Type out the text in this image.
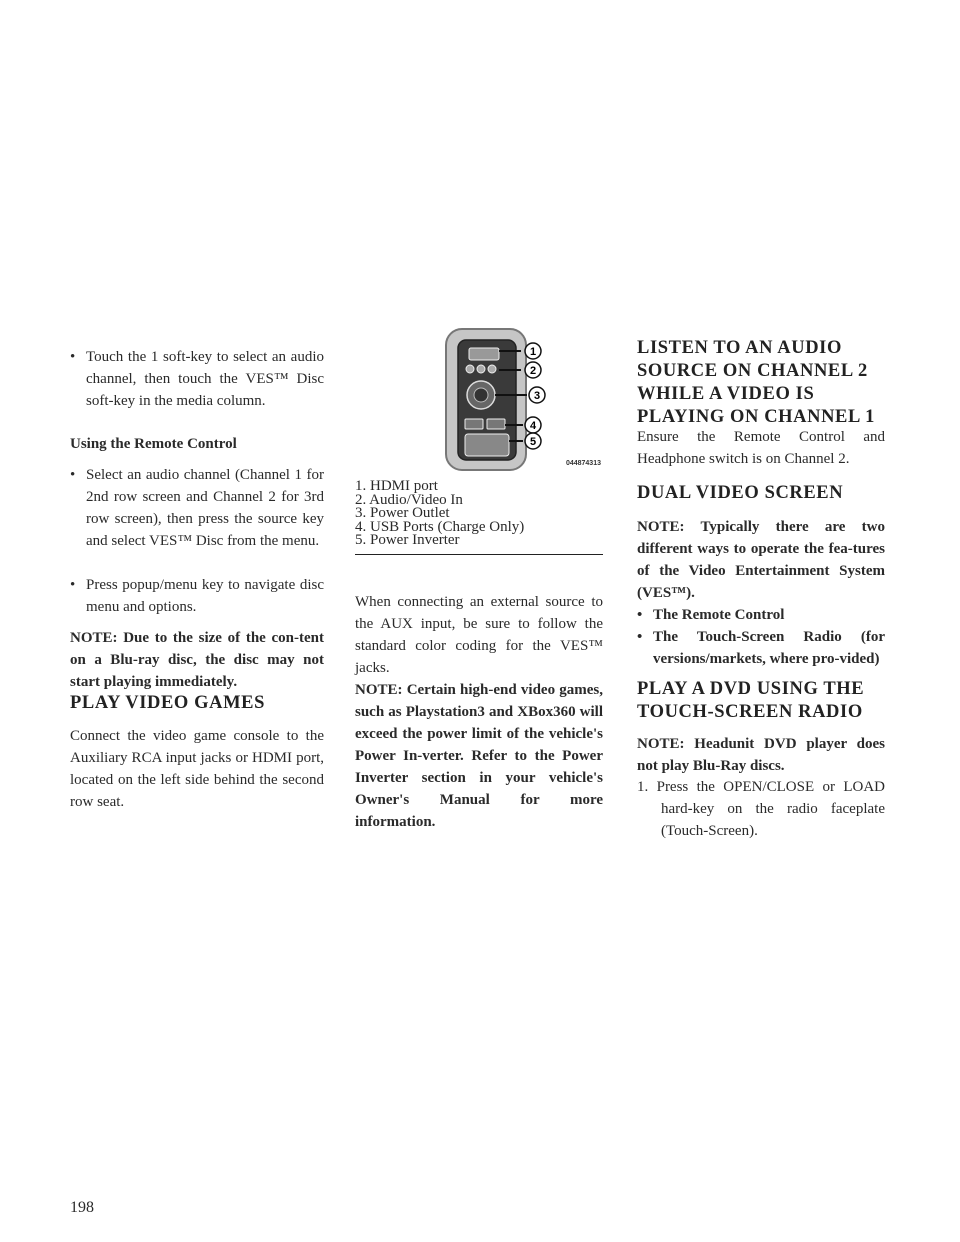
• Touch the 1 soft-key to select an audio channel, then touch the VES™ Disc soft-key in the media column.

Using the Remote Control

• Select an audio channel (Channel 1 for 2nd row screen and Channel 2 for 3rd row screen), then press the source key and select VES™ Disc from the menu.

• Press popup/menu key to navigate disc menu and options.

NOTE: Due to the size of the con-tent on a Blu-ray disc, the disc may not start playing immediately.

PLAY VIDEO GAMES

Connect the video game console to the Auxiliary RCA input jacks or HDMI port, located on the left side behind the second row seat.

1
2
3
4
5
044874313
1. HDMI port
2. Audio/Video In
3. Power Outlet
4. USB Ports (Charge Only)
5. Power Inverter

When connecting an external source to the AUX input, be sure to follow the standard color coding for the VES™ jacks.

NOTE: Certain high-end video games, such as Playstation3 and XBox360 will exceed the power limit of the vehicle's Power In-verter. Refer to the Power Inverter section in your vehicle's Owner's Manual for more information.

LISTEN TO AN AUDIO SOURCE ON CHANNEL 2 WHILE A VIDEO IS PLAYING ON CHANNEL 1

Ensure the Remote Control and Headphone switch is on Channel 2.

DUAL VIDEO SCREEN

NOTE: Typically there are two different ways to operate the fea-tures of the Video Entertainment System (VES™).

• The Remote Control

• The Touch-Screen Radio (for versions/markets, where pro-vided)

PLAY A DVD USING THE TOUCH-SCREEN RADIO

NOTE: Headunit DVD player does not play Blu-Ray discs.

1. Press the OPEN/CLOSE or LOAD hard-key on the radio faceplate (Touch-Screen).

198
